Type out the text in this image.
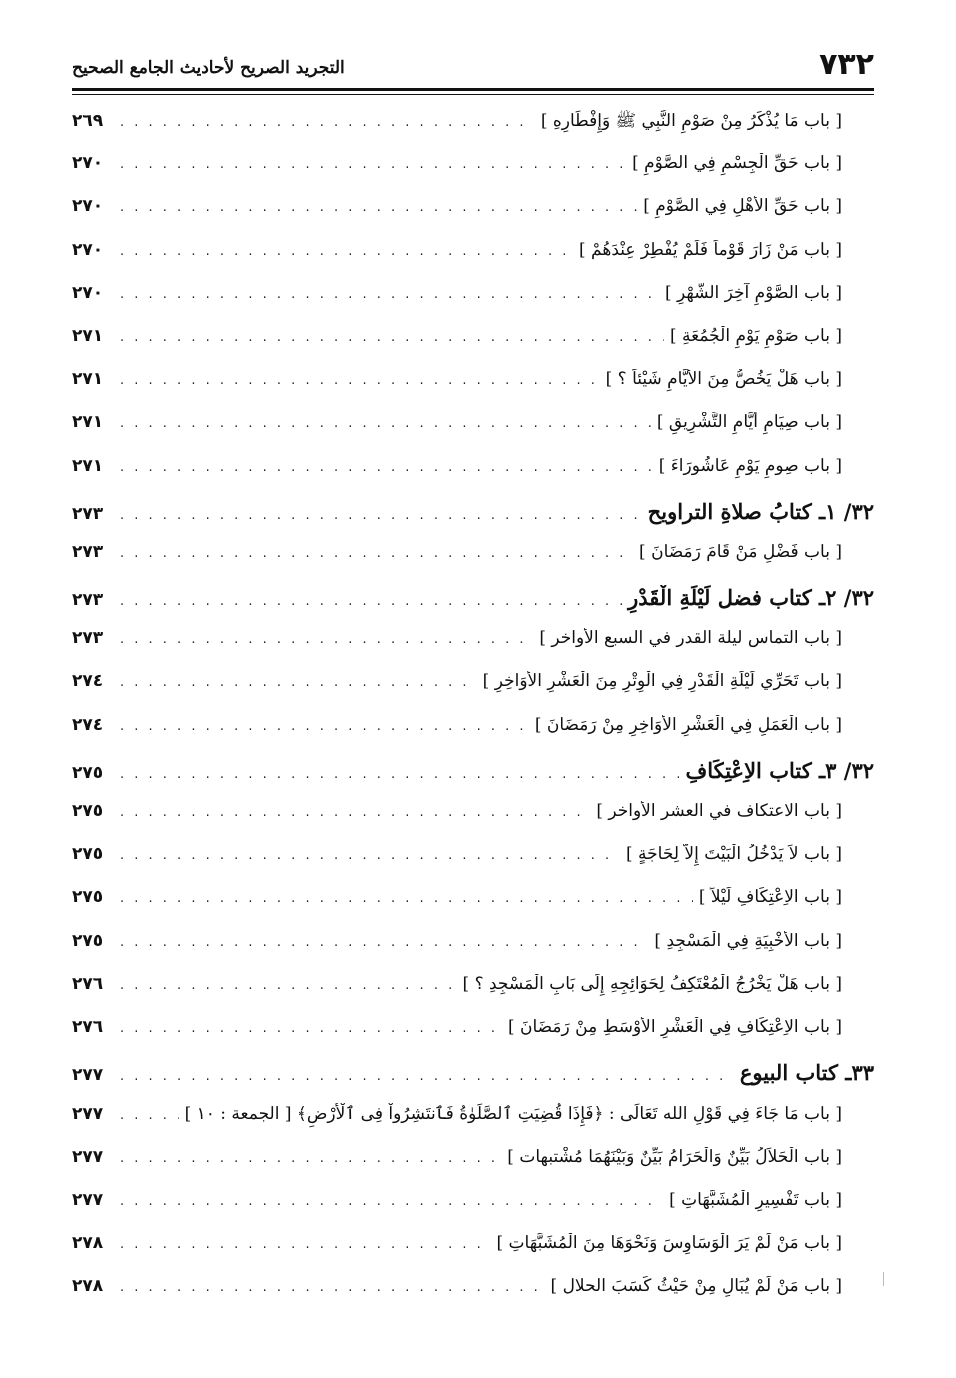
٧٣٢
التجريد الصريح لأحاديث الجامع الصحيح
[ باب مَا يُذْكَرُ مِنْ صَوْمِ النَّبِي ﷺ وَإِفْطَارِهِ ]
. . .
٢٦٩
[ باب حَقِّ الْجِسْمِ فِي الصَّوْمِ ]
. . .
٢٧٠
[ باب حَقِّ الأَهْلِ فِي الصَّوْمِ ]
. . .
٢٧٠
[ باب مَنْ زَارَ قَوْماً فَلَمْ يُفْطِرْ عِنْدَهُمْ ]
. . .
٢٧٠
[ باب الصَّوْمِ آخِرَ الشَّهْرِ ]
. . .
٢٧٠
[ باب صَوْمِ يَوْمِ الْجُمُعَةِ ]
. . .
٢٧١
[ باب هَلْ يَخُصُّ مِنَ الأَيَّامِ شَيْئاً ؟ ]
. . .
٢٧١
[ باب صِيَامِ أَيَّامِ التَّشْرِيقِ ]
. . .
٢٧١
[ باب صِومِ يَوْمِ عَاشُورَاءَ ]
. . .
٢٧١
٣٢/ ١ـ كتابُ صلاةِ التراويح
. . .
٢٧٣
[ باب فَضْلِ مَنْ قَامَ رَمَضَانَ ]
. . .
٢٧٣
٣٢/ ٢ـ كتاب فضل لَيْلَةِ الْقَدْرِ
. . .
٢٧٣
[ باب التماس ليلة القدر في السبع الأواخر ]
. . .
٢٧٣
[ باب تَحَرِّي لَيْلَةِ الْقَدْرِ فِي الْوِتْرِ مِنَ الْعَشْرِ الأَوَاخِرِ ]
. . .
٢٧٤
[ باب الْعَمَلِ فِي الْعَشْرِ الأَوَاخِرِ مِنْ رَمَضَانَ ]
. . .
٢٧٤
٣٢/ ٣ـ كتاب الاِعْتِكَافِ
. . .
٢٧٥
[ باب الاعتكاف في العشر الأواخر ]
. . .
٢٧٥
[ باب لاَ يَدْخُلُ الْبَيْتَ إِلاَّ لِحَاجَةٍ ]
. . .
٢٧٥
[ باب الاِعْتِكَافِ لَيْلاً ]
. . .
٢٧٥
[ باب الأَخْبِيَةِ فِي الْمَسْجِدِ ]
. . .
٢٧٥
[ باب هَلْ يَخْرُجُ الْمُعْتَكِفُ لِحَوَائِجِهِ إِلَى بَابِ الْمَسْجِدِ ؟ ]
. . .
٢٧٦
[ باب الاِعْتِكَافِ فِي الْعَشْرِ الأَوْسَطِ مِنْ رَمَضَانَ ]
. . .
٢٧٦
٣٣ـ كتاب البيوع
. . .
٢٧٧
[ باب مَا جَاءَ فِي قَوْلِ الله تَعَالَى : ﴿فَإِذَا قُضِيَتِ ٱلصَّلَوٰةُ فَٱنتَشِرُواْ فِى ٱلْأَرْضِ﴾ [ الجمعة : ١٠ ]
. . .
٢٧٧
[ باب الْحَلاَلُ بَيِّنٌ وَالْحَرَامُ بَيِّنٌ وَبَيْنَهُمَا مُشْتبهات ]
. . .
٢٧٧
[ باب تَفْسِيرِ الْمُشَبَّهَاتِ ]
. . .
٢٧٧
[ باب مَنْ لَمْ يَرَ الْوَسَاوِسَ وَنَحْوَهَا مِنَ الْمُشَبَّهَاتِ ]
. . .
٢٧٨
[ باب مَنْ لَمْ يُبَالِ مِنْ حَيْثُ كَسَبَ الحلال ]
. . .
٢٧٨
